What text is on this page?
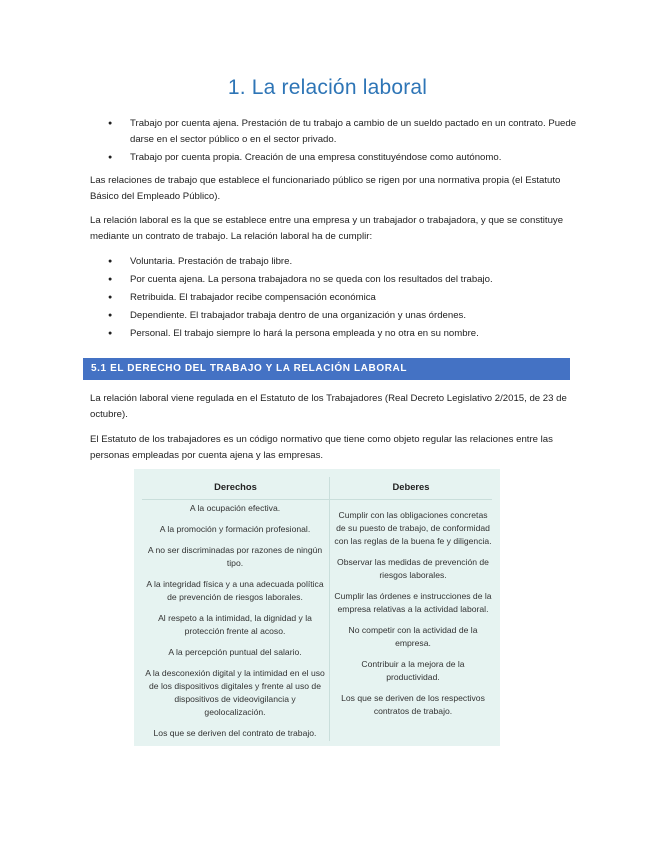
1. La relación laboral
● Trabajo por cuenta ajena. Prestación de tu trabajo a cambio de un sueldo pactado en un contrato. Puede darse en el sector público o en el sector privado.
● Trabajo por cuenta propia. Creación de una empresa constituyéndose como autónomo.

Las relaciones de trabajo que establece el funcionariado público se rigen por una normativa propia (el Estatuto Básico del Empleado Público).

La relación laboral es la que se establece entre una empresa y un trabajador o trabajadora, y que se constituye mediante un contrato de trabajo. La relación laboral ha de cumplir:

● Voluntaria. Prestación de trabajo libre.
● Por cuenta ajena. La persona trabajadora no se queda con los resultados del trabajo.
● Retribuida. El trabajador recibe compensación económica
● Dependiente. El trabajador trabaja dentro de una organización y unas órdenes.
● Personal. El trabajo siempre lo hará la persona empleada y no otra en su nombre.
5.1 EL DERECHO DEL TRABAJO Y LA RELACIÓN LABORAL

La relación laboral viene regulada en el Estatuto de los Trabajadores (Real Decreto Legislativo 2/2015, de 23 de octubre).

El Estatuto de los trabajadores es un código normativo que tiene como objeto regular las relaciones entre las personas empleadas por cuenta ajena y las empresas.

Derechos	Deberes
A la ocupación efectiva.
A la promoción y formación profesional.
A no ser discriminadas por razones de ningún tipo.
A la integridad física y a una adecuada política de prevención de riesgos laborales.
Al respeto a la intimidad, la dignidad y la protección frente al acoso.
A la percepción puntual del salario.
A la desconexión digital y la intimidad en el uso de los dispositivos digitales y frente al uso de dispositivos de videovigilancia y geolocalización.
Los que se deriven del contrato de trabajo.
Cumplir con las obligaciones concretas de su puesto de trabajo, de conformidad con las reglas de la buena fe y diligencia.
Observar las medidas de prevención de riesgos laborales.
Cumplir las órdenes e instrucciones de la empresa relativas a la actividad laboral.
No competir con la actividad de la empresa.
Contribuir a la mejora de la productividad.
Los que se deriven de los respectivos contratos de trabajo.
